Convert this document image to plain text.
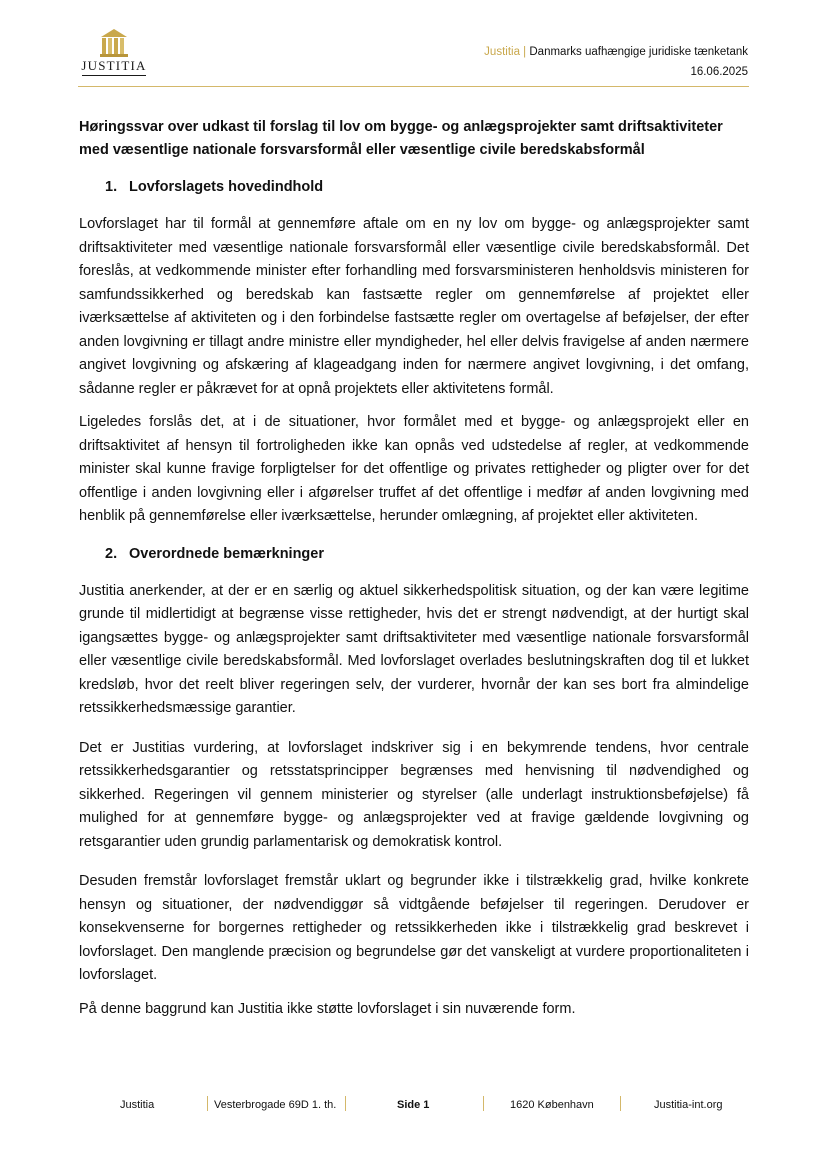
JUSTITIA
Justitia | Danmarks uafhængige juridiske tænketank
16.06.2025

Høringssvar over udkast til forslag til lov om bygge- og anlægsprojekter samt driftsaktiviteter med væsentlige nationale forsvarsformål eller væsentlige civile beredskabsformål

1. Lovforslagets hovedindhold

Lovforslaget har til formål at gennemføre aftale om en ny lov om bygge- og anlægsprojekter samt driftsaktiviteter med væsentlige nationale forsvarsformål eller væsentlige civile beredskabsformål. Det foreslås, at vedkommende minister efter forhandling med forsvarsministeren henholdsvis ministeren for samfundssikkerhed og beredskab kan fastsætte regler om gennemførelse af projektet eller iværksættelse af aktiviteten og i den forbindelse fastsætte regler om overtagelse af beføjelser, der efter anden lovgivning er tillagt andre ministre eller myndigheder, hel eller delvis fravigelse af anden nærmere angivet lovgivning og afskæring af klageadgang inden for nærmere angivet lovgivning, i det omfang, sådanne regler er påkrævet for at opnå projektets eller aktivitetens formål.

Ligeledes forslås det, at i de situationer, hvor formålet med et bygge- og anlægsprojekt eller en driftsaktivitet af hensyn til fortroligheden ikke kan opnås ved udstedelse af regler, at vedkommende minister skal kunne fravige forpligtelser for det offentlige og privates rettigheder og pligter over for det offentlige i anden lovgivning eller i afgørelser truffet af det offentlige i medfør af anden lovgivning med henblik på gennemførelse eller iværksættelse, herunder omlægning, af projektet eller aktiviteten.

2. Overordnede bemærkninger

Justitia anerkender, at der er en særlig og aktuel sikkerhedspolitisk situation, og der kan være legitime grunde til midlertidigt at begrænse visse rettigheder, hvis det er strengt nødvendigt, at der hurtigt skal igangsættes bygge- og anlægsprojekter samt driftsaktiviteter med væsentlige nationale forsvarsformål eller væsentlige civile beredskabsformål. Med lovforslaget overlades beslutningskraften dog til et lukket kredsløb, hvor det reelt bliver regeringen selv, der vurderer, hvornår der kan ses bort fra almindelige retssikkerhedsmæssige garantier.

Det er Justitias vurdering, at lovforslaget indskriver sig i en bekymrende tendens, hvor centrale retssikkerhedsgarantier og retsstatsprincipper begrænses med henvisning til nødvendighed og sikkerhed. Regeringen vil gennem ministerier og styrelser (alle underlagt instruktionsbeføjelse) få mulighed for at gennemføre bygge- og anlægsprojekter ved at fravige gældende lovgivning og retsgarantier uden grundig parlamentarisk og demokratisk kontrol.

Desuden fremstår lovforslaget fremstår uklart og begrunder ikke i tilstrækkelig grad, hvilke konkrete hensyn og situationer, der nødvendiggør så vidtgående beføjelser til regeringen. Derudover er konsekvenserne for borgernes rettigheder og retssikkerheden ikke i tilstrækkelig grad beskrevet i lovforslaget. Den manglende præcision og begrundelse gør det vanskeligt at vurdere proportionaliteten i lovforslaget.

På denne baggrund kan Justitia ikke støtte lovforslaget i sin nuværende form.

Justitia	Vesterbrogade 69D 1. th.	Side 1	1620 København	Justitia-int.org
